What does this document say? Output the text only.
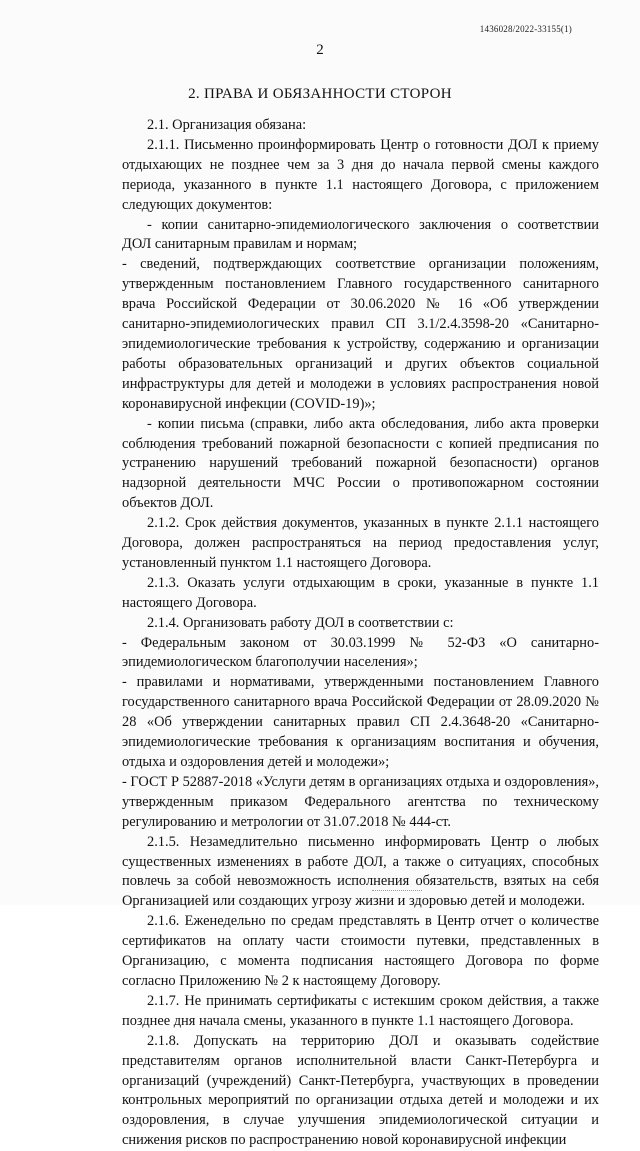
1436028/2022-33155(1)
2
2. ПРАВА И ОБЯЗАННОСТИ СТОРОН

2.1. Организация обязана:

2.1.1. Письменно проинформировать Центр о готовности ДОЛ к приему отдыхающих не позднее чем за 3 дня до начала первой смены каждого периода, указанного в пункте 1.1 настоящего Договора, с приложением следующих документов:

- копии санитарно-эпидемиологического заключения о соответствии ДОЛ санитарным правилам и нормам;

- сведений, подтверждающих соответствие организации положениям, утвержденным постановлением Главного государственного санитарного врача Российской Федерации от 30.06.2020 № 16 «Об утверждении санитарно-эпидемиологических правил СП 3.1/2.4.3598-20 «Санитарно-эпидемиологические требования к устройству, содержанию и организации работы образовательных организаций и других объектов социальной инфраструктуры для детей и молодежи в условиях распространения новой коронавирусной инфекции (COVID-19)»;

- копии письма (справки, либо акта обследования, либо акта проверки соблюдения требований пожарной безопасности с копией предписания по устранению нарушений требований пожарной безопасности) органов надзорной деятельности МЧС России о противопожарном состоянии объектов ДОЛ.

2.1.2. Срок действия документов, указанных в пункте 2.1.1 настоящего Договора, должен распространяться на период предоставления услуг, установленный пунктом 1.1 настоящего Договора.

2.1.3. Оказать услуги отдыхающим в сроки, указанные в пункте 1.1 настоящего Договора.

2.1.4. Организовать работу ДОЛ в соответствии с:

- Федеральным законом от 30.03.1999 № 52-ФЗ «О санитарно-эпидемиологическом благополучии населения»;

- правилами и нормативами, утвержденными постановлением Главного государственного санитарного врача Российской Федерации от 28.09.2020 № 28 «Об утверждении санитарных правил СП 2.4.3648-20 «Санитарно-эпидемиологические требования к организациям воспитания и обучения, отдыха и оздоровления детей и молодежи»;

- ГОСТ Р 52887-2018 «Услуги детям в организациях отдыха и оздоровления», утвержденным приказом Федерального агентства по техническому регулированию и метрологии от 31.07.2018 № 444-ст.

2.1.5. Незамедлительно письменно информировать Центр о любых существенных изменениях в работе ДОЛ, а также о ситуациях, способных повлечь за собой невозможность исполнения обязательств, взятых на себя Организацией или создающих угрозу жизни и здоровью детей и молодежи.

2.1.6. Еженедельно по средам представлять в Центр отчет о количестве сертификатов на оплату части стоимости путевки, представленных в Организацию, с момента подписания настоящего Договора по форме согласно Приложению № 2 к настоящему Договору.

2.1.7. Не принимать сертификаты с истекшим сроком действия, а также позднее дня начала смены, указанного в пункте 1.1 настоящего Договора.

2.1.8. Допускать на территорию ДОЛ и оказывать содействие представителям органов исполнительной власти Санкт-Петербурга и организаций (учреждений) Санкт-Петербурга, участвующих в проведении контрольных мероприятий по организации отдыха детей и молодежи и их оздоровления, в случае улучшения эпидемиологической ситуации и снижения рисков по распространению новой коронавирусной инфекции
